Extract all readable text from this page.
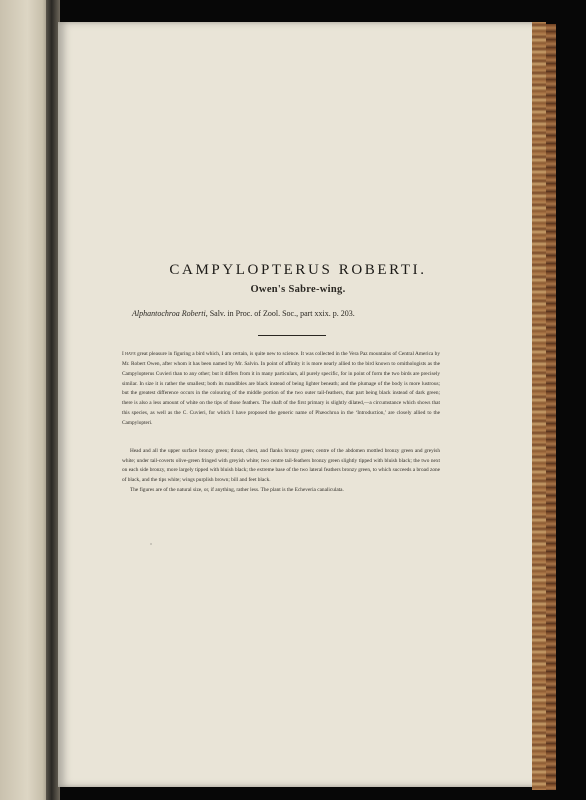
CAMPYLOPTERUS ROBERTI.
Owen's Sabre-wing.
Alphantochroa Roberti, Salv. in Proc. of Zool. Soc., part xxix. p. 203.

I have great pleasure in figuring a bird which, I am certain, is quite new to science. It was collected in the Vera Paz mountains of Central America by Mr. Robert Owen, after whom it has been named by Mr. Salvin. In point of affinity it is more nearly allied to the bird known to ornithologists as the Campylopterus Cuvieri than to any other; but it differs from it in many particulars, all purely specific, for in point of form the two birds are precisely similar. In size it is rather the smallest; both its mandibles are black instead of being lighter beneath; and the plumage of the body is more lustrous; but the greatest difference occurs in the colouring of the middle portion of the two outer tail-feathers, that part being black instead of dark green; there is also a less amount of white on the tips of those feathers. The shaft of the first primary is slightly dilated,—a circumstance which shows that this species, as well as the C. Cuvieri, for which I have proposed the generic name of Phæochroa in the ‘Introduction,’ are closely allied to the Campylopteri.

Head and all the upper surface bronzy green; throat, chest, and flanks bronzy green; centre of the abdomen mottled bronzy green and greyish white; under tail-coverts olive-green fringed with greyish white; two centre tail-feathers bronzy green slightly tipped with bluish black; the two next on each side bronzy, more largely tipped with bluish black; the extreme base of the two lateral feathers bronzy green, to which succeeds a broad zone of black, and the tips white; wings purplish brown; bill and feet black.

The figures are of the natural size, or, if anything, rather less. The plant is the Echeveria canaliculata.

"
